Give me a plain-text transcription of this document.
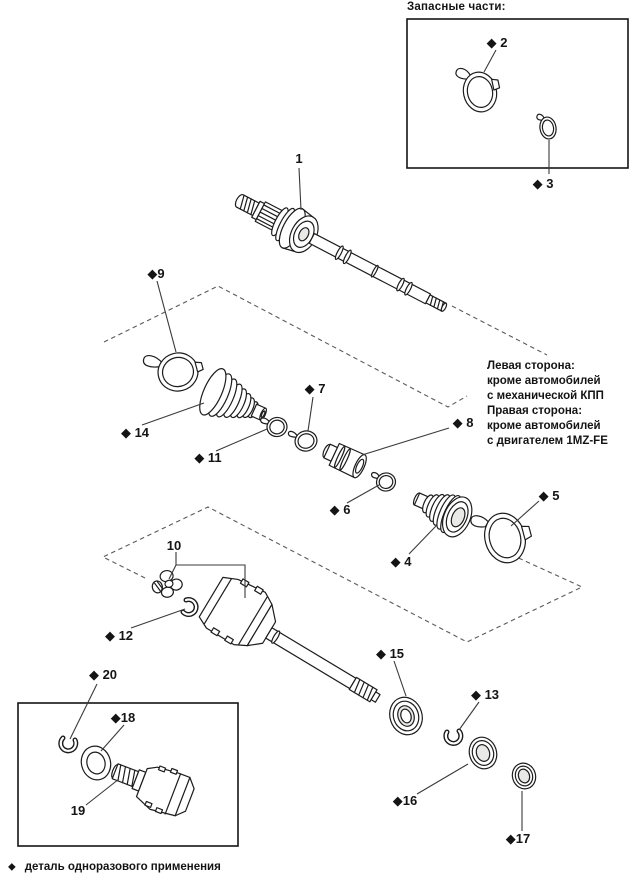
1
◆ 2
◆ 3
◆ 4
◆ 5
◆ 6
◆ 7
◆ 8
◆9
10
◆ 11
◆ 12
◆ 13
◆ 14
◆ 15
◆16
◆17
◆18
19
◆ 20
Запасные части:
Левая сторона:
кроме автомобилей
с механической КПП
Правая сторона:
кроме автомобилей
с двигателем 1MZ-FE
◆ деталь одноразового применения
